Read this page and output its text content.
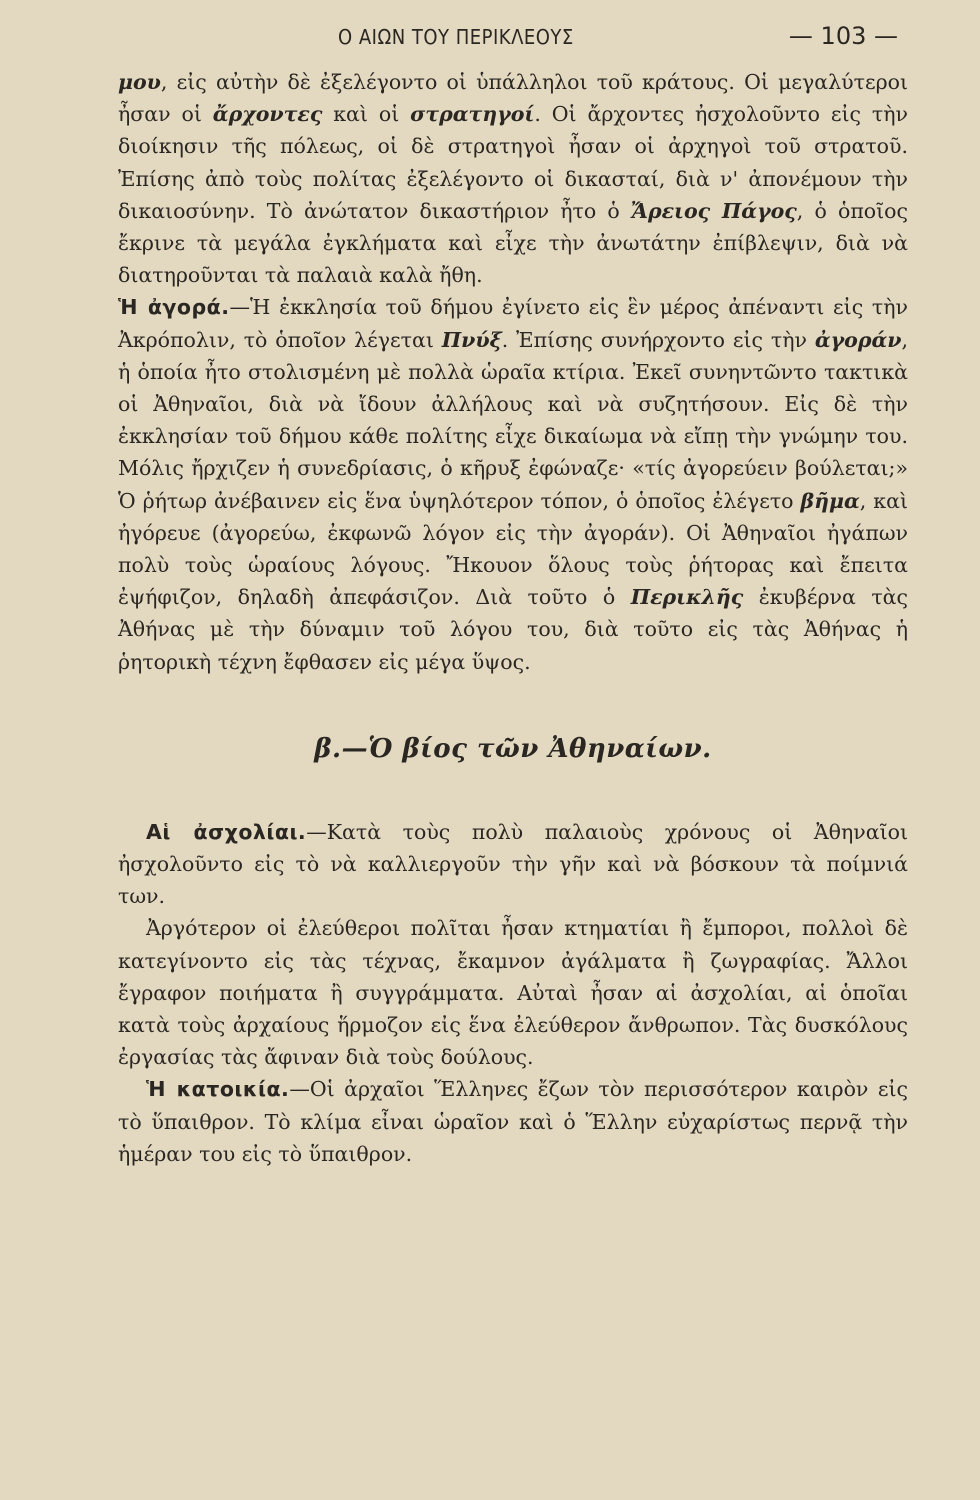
Ο ΑΙΩΝ ΤΟΥ ΠΕΡΙΚΛΕΟΥΣ	— 103 —

μου, εἰς αὐτὴν δὲ ἐξελέγοντο οἱ ὑπάλληλοι τοῦ κράτους. Οἱ μεγαλύτεροι ἦσαν οἱ ἄρχοντες καὶ οἱ στρατηγοί. Οἱ ἄρχοντες ἠσχολοῦντο εἰς τὴν διοίκησιν τῆς πόλεως, οἱ δὲ στρατηγοὶ ἦσαν οἱ ἀρχηγοὶ τοῦ στρατοῦ. Ἐπίσης ἀπὸ τοὺς πολίτας ἐξελέγοντο οἱ δικασταί, διὰ ν' ἀπονέμουν τὴν δικαιοσύνην. Τὸ ἀνώτατον δικαστήριον ἦτο ὁ Ἄρειος Πάγος, ὁ ὁποῖος ἔκρινε τὰ μεγάλα ἐγκλήματα καὶ εἶχε τὴν ἀνωτάτην ἐπίβλεψιν, διὰ νὰ διατηροῦνται τὰ παλαιὰ καλὰ ἤθη.

Ἡ ἀγορά.—Ἡ ἐκκλησία τοῦ δήμου ἐγίνετο εἰς ἓν μέρος ἀπέναντι εἰς τὴν Ἀκρόπολιν, τὸ ὁποῖον λέγεται Πνύξ. Ἐπίσης συνήρχοντο εἰς τὴν ἀγοράν, ἡ ὁποία ἦτο στολισμένη μὲ πολλὰ ὡραῖα κτίρια. Ἐκεῖ συνηντῶντο τακτικὰ οἱ Ἀθηναῖοι, διὰ νὰ ἴδουν ἀλλήλους καὶ νὰ συζητήσουν. Εἰς δὲ τὴν ἐκκλησίαν τοῦ δήμου κάθε πολίτης εἶχε δικαίωμα νὰ εἴπῃ τὴν γνώμην του. Μόλις ἤρχιζεν ἡ συνεδρίασις, ὁ κῆρυξ ἐφώναζε· «τίς ἀγορεύειν βούλεται;» Ὁ ῥήτωρ ἀνέβαινεν εἰς ἕνα ὑψηλότερον τόπον, ὁ ὁποῖος ἐλέγετο βῆμα, καὶ ἠγόρευε (ἀγορεύω, ἐκφωνῶ λόγον εἰς τὴν ἀγοράν). Οἱ Ἀθηναῖοι ἠγάπων πολὺ τοὺς ὡραίους λόγους. Ἤκουον ὅλους τοὺς ῥήτορας καὶ ἔπειτα ἐψήφιζον, δηλαδὴ ἀπεφάσιζον. Διὰ τοῦτο ὁ Περικλῆς ἐκυβέρνα τὰς Ἀθήνας μὲ τὴν δύναμιν τοῦ λόγου του, διὰ τοῦτο εἰς τὰς Ἀθήνας ἡ ῥητορικὴ τέχνη ἔφθασεν εἰς μέγα ὕψος.

β.—Ὁ βίος τῶν Ἀθηναίων.

Αἱ ἀσχολίαι.—Κατὰ τοὺς πολὺ παλαιοὺς χρόνους οἱ Ἀθηναῖοι ἠσχολοῦντο εἰς τὸ νὰ καλλιεργοῦν τὴν γῆν καὶ νὰ βόσκουν τὰ ποίμνιά των.

Ἀργότερον οἱ ἐλεύθεροι πολῖται ἦσαν κτηματίαι ἢ ἔμποροι, πολλοὶ δὲ κατεγίνοντο εἰς τὰς τέχνας, ἔκαμνον ἀγάλματα ἢ ζωγραφίας. Ἄλλοι ἔγραφον ποιήματα ἢ συγγράμματα. Αὐταὶ ἦσαν αἱ ἀσχολίαι, αἱ ὁποῖαι κατὰ τοὺς ἀρχαίους ἥρμοζον εἰς ἕνα ἐλεύθερον ἄνθρωπον. Τὰς δυσκόλους ἐργασίας τὰς ἄφιναν διὰ τοὺς δούλους.

Ἡ κατοικία.—Οἱ ἀρχαῖοι Ἕλληνες ἔζων τὸν περισσότερον καιρὸν εἰς τὸ ὕπαιθρον. Τὸ κλίμα εἶναι ὡραῖον καὶ ὁ Ἕλλην εὐχαρίστως περνᾷ τὴν ἡμέραν του εἰς τὸ ὕπαιθρον.
